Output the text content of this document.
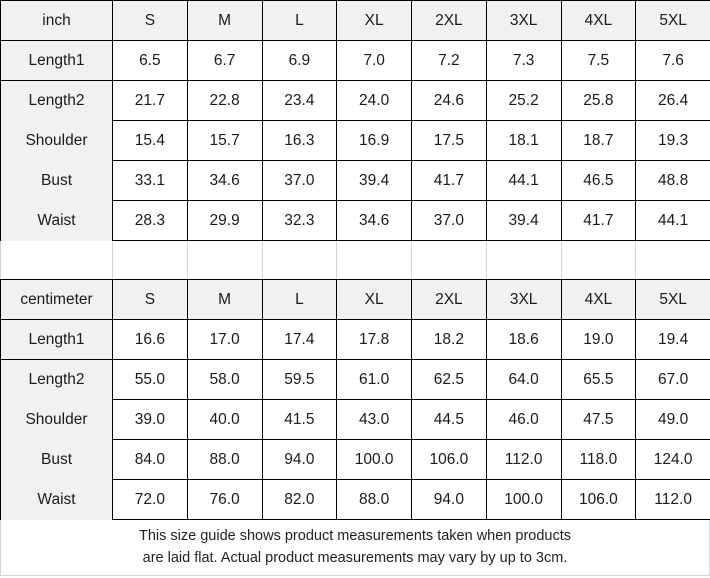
inch	S	M	L	XL	2XL	3XL	4XL	5XL
Length1	6.5	6.7	6.9	7.0	7.2	7.3	7.5	7.6
Length2	21.7	22.8	23.4	24.0	24.6	25.2	25.8	26.4
Shoulder	15.4	15.7	16.3	16.9	17.5	18.1	18.7	19.3
Bust	33.1	34.6	37.0	39.4	41.7	44.1	46.5	48.8
Waist	28.3	29.9	32.3	34.6	37.0	39.4	41.7	44.1

centimeter	S	M	L	XL	2XL	3XL	4XL	5XL
Length1	16.6	17.0	17.4	17.8	18.2	18.6	19.0	19.4
Length2	55.0	58.0	59.5	61.0	62.5	64.0	65.5	67.0
Shoulder	39.0	40.0	41.5	43.0	44.5	46.0	47.5	49.0
Bust	84.0	88.0	94.0	100.0	106.0	112.0	118.0	124.0
Waist	72.0	76.0	82.0	88.0	94.0	100.0	106.0	112.0
This size guide shows product measurements taken when products
are laid flat. Actual product measurements may vary by up to 3cm.
